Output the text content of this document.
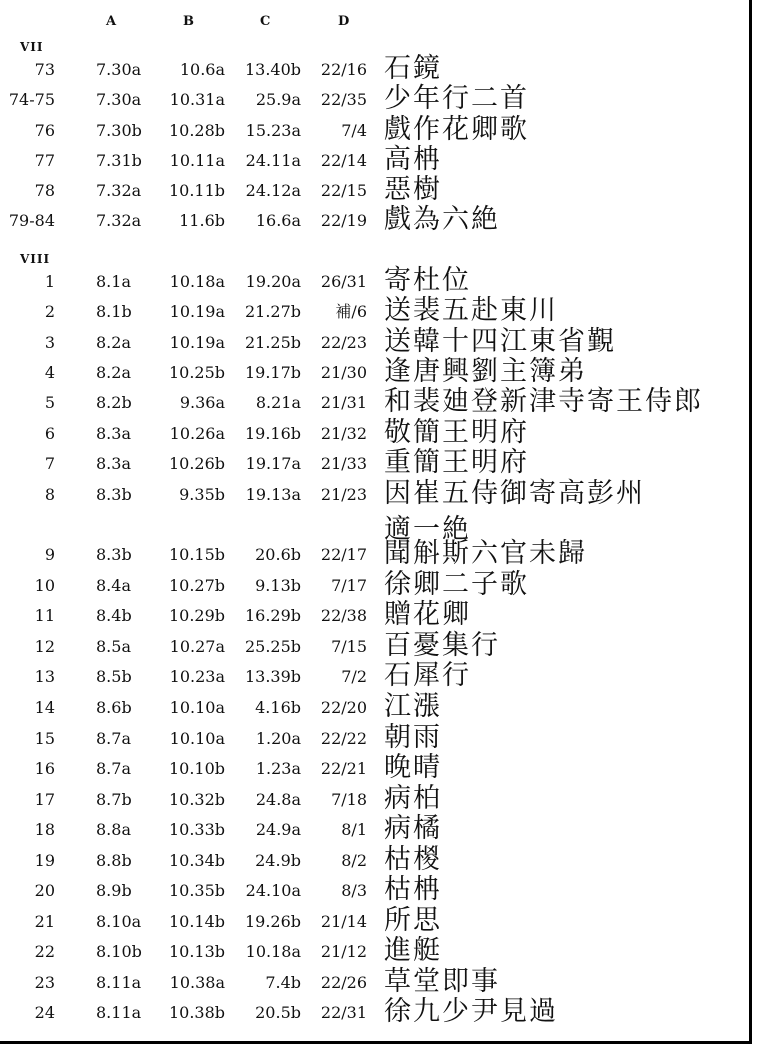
A	B	C	D
VII
73	7.30a 10.6a 13.40b 22/16 石鏡
74-75	7.30a 10.31a 25.9a 22/35 少年行二首
76	7.30b 10.28b 15.23a	7/4 戲作花卿歌
77	7.31b 10.11a 24.11a 22/14 高柟
78	7.32a 10.11b 24.12a 22/15 惡樹
79-84	7.32a 11.6b 16.6a 22/19 戲為六絶
VIII
1	8.1a 10.18a 19.20a 26/31 寄杜位
2	8.1b 10.19a 21.27b 補/6 送裴五赴東川
3	8.2a 10.19a 21.25b 22/23 送韓十四江東省覲
4	8.2a 10.25b 19.17b 21/30 逢唐興劉主簿弟
5	8.2b	9.36a 8.21a 21/31 和裴廸登新津寺寄王侍郎
6	8.3a 10.26a 19.16b 21/32 敬簡王明府
7	8.3a 10.26b 19.17a 21/33 重簡王明府
8	8.3b	9.35b 19.13a 21/23 因崔五侍御寄高彭州
適一絶
9	8.3b 10.15b 20.6b 22/17 聞斛斯六官未歸
10	8.4a 10.27b 9.13b 7/17 徐卿二子歌
11	8.4b 10.29b 16.29b 22/38 贈花卿
12	8.5a 10.27a 25.25b 7/15 百憂集行
13	8.5b 10.23a 13.39b	7/2 石犀行
14	8.6b 10.10a 4.16b 22/20 江漲
15	8.7a 10.10a 1.20a 22/22 朝雨
16	8.7a 10.10b 1.23a 22/21 晚晴
17	8.7b 10.32b 24.8a 7/18 病柏
18	8.8a 10.33b 24.9a	8/1 病橘
19	8.8b 10.34b 24.9b	8/2 枯椶
20	8.9b 10.35b 24.10a	8/3 枯柟
21	8.10a 10.14b 19.26b 21/14 所思
22	8.10b 10.13b 10.18a 21/12 進艇
23	8.11a 10.38a	7.4b 22/26 草堂即事
24	8.11a 10.38b 20.5b 22/31 徐九少尹見過
